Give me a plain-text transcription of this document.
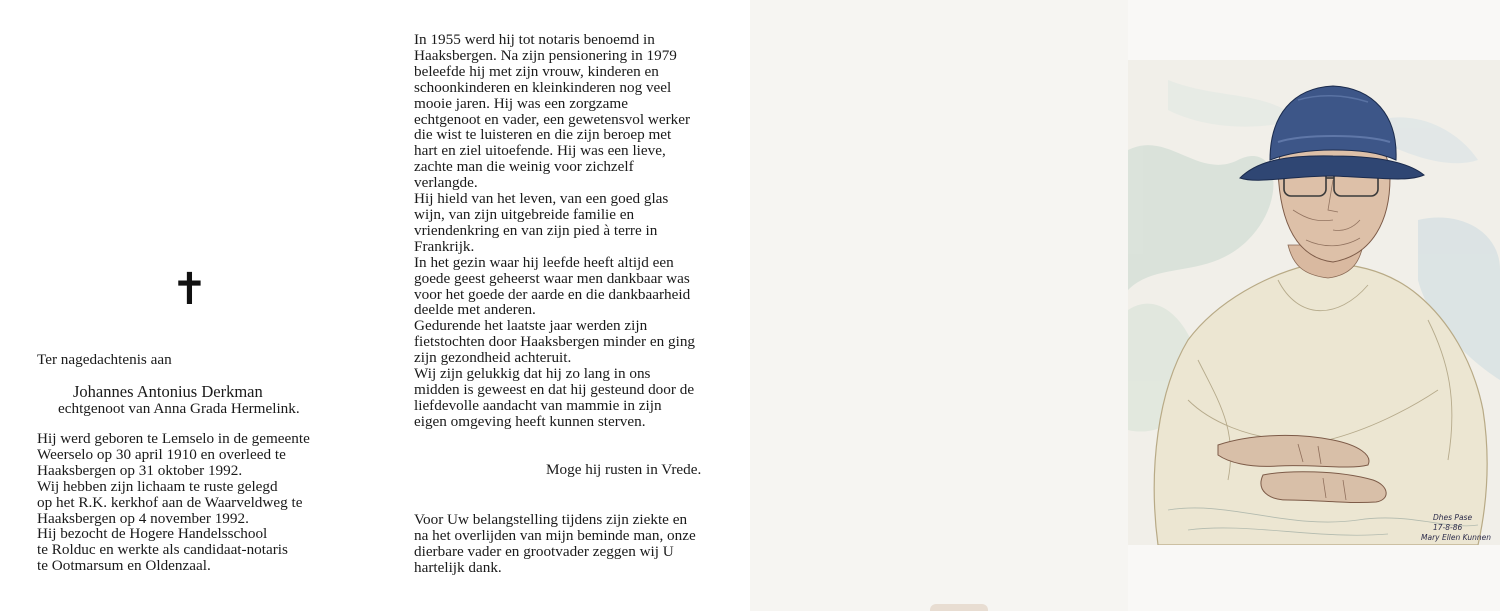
✝
Ter nagedachtenis aan
Johannes Antonius Derkman
echtgenoot van Anna Grada Hermelink.

Hij werd geboren te Lemselo in de gemeente

Weerselo op 30 april 1910 en overleed te

Haaksbergen op 31 oktober 1992.

Wij hebben zijn lichaam te ruste gelegd

op het R.K. kerkhof aan de Waarveldweg te

Haaksbergen op 4 november 1992.

Hij bezocht de Hogere Handelsschool

te Rolduc en werkte als candidaat-notaris

te Ootmarsum en Oldenzaal.

In 1955 werd hij tot notaris benoemd in

Haaksbergen. Na zijn pensionering in 1979

beleefde hij met zijn vrouw, kinderen en

schoonkinderen en kleinkinderen nog veel

mooie jaren. Hij was een zorgzame

echtgenoot en vader, een gewetensvol werker

die wist te luisteren en die zijn beroep met

hart en ziel uitoefende. Hij was een lieve,

zachte man die weinig voor zichzelf

verlangde.

Hij hield van het leven, van een goed glas

wijn, van zijn uitgebreide familie en

vriendenkring en van zijn pied à terre in

Frankrijk.

In het gezin waar hij leefde heeft altijd een

goede geest geheerst waar men dankbaar was

voor het goede der aarde en die dankbaarheid

deelde met anderen.

Gedurende het laatste jaar werden zijn

fietstochten door Haaksbergen minder en ging

zijn gezondheid achteruit.

Wij zijn gelukkig dat hij zo lang in ons

midden is geweest en dat hij gesteund door de

liefdevolle aandacht van mammie in zijn

eigen omgeving heeft kunnen sterven.

Moge hij rusten in Vrede.

Voor Uw belangstelling tijdens zijn ziekte en

na het overlijden van mijn beminde man, onze

dierbare vader en grootvader zeggen wij U

hartelijk dank.

Dhes Pase
17-8-86
Mary Ellen Kunnen
